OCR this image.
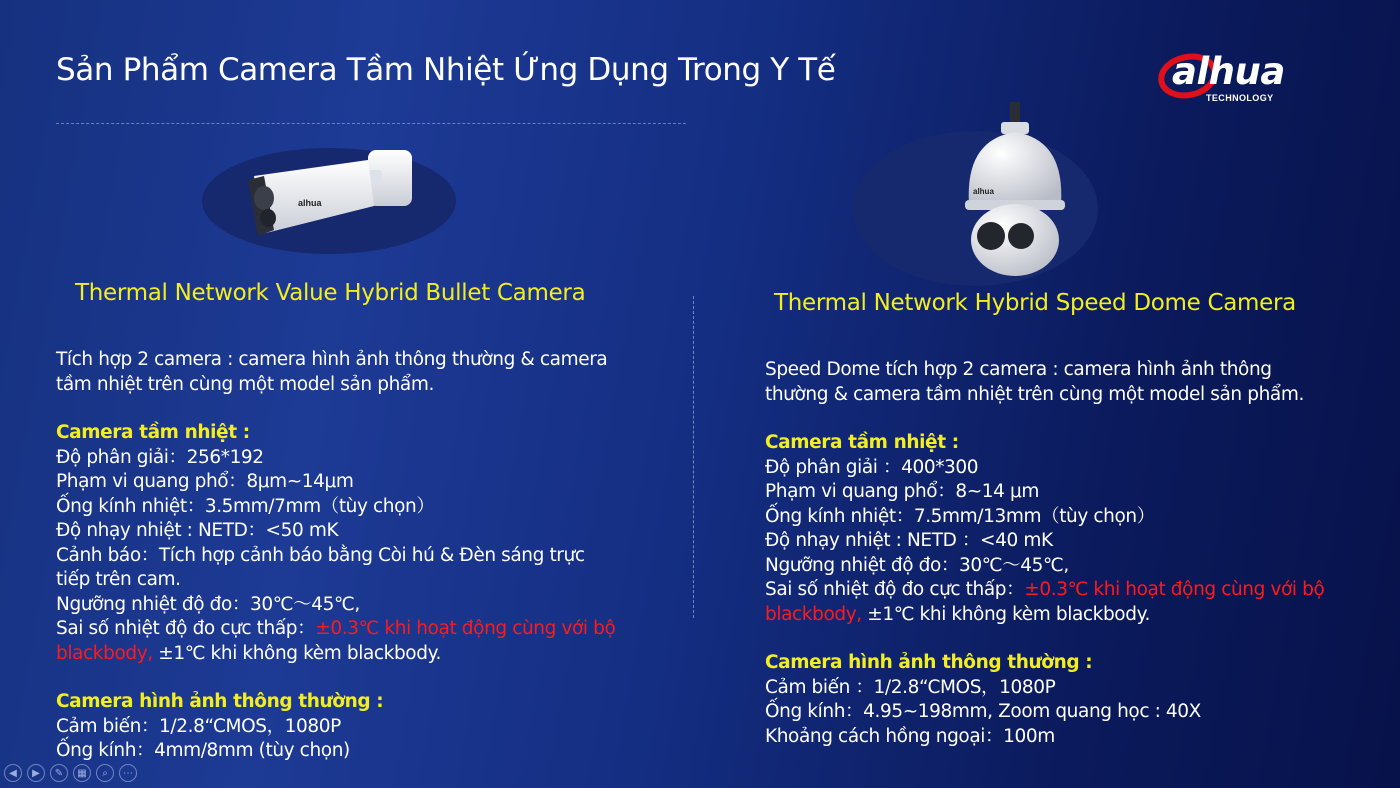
Sản Phẩm Camera Tầm Nhiệt Ứng Dụng Trong Y Tế	alhua
TECHNOLOGY
alhua
alhua
Thermal Network Value Hybrid Bullet Camera	Thermal Network Hybrid Speed Dome Camera
Tích hợp 2 camera : camera hình ảnh thông thường & camera
tầm nhiệt trên cùng một model sản phẩm.
Camera tầm nhiệt :
Độ phân giải：256*192
Phạm vi quang phổ：8μm~14μm
Ống kính nhiệt：3.5mm/7mm（tùy chọn）
Độ nhạy nhiệt : NETD：<50 mK
Cảnh báo：Tích hợp cảnh báo bằng Còi hú & Đèn sáng trực
tiếp trên cam.
Ngưỡng nhiệt độ đo：30℃～45℃,
Sai số nhiệt độ đo cực thấp：±0.3℃ khi hoạt động cùng với bộ
blackbody, ±1℃ khi không kèm blackbody.
Camera hình ảnh thông thường :
Cảm biến：1/2.8“CMOS，1080P
Ống kính：4mm/8mm (tùy chọn)
Speed Dome tích hợp 2 camera : camera hình ảnh thông
thường & camera tầm nhiệt trên cùng một model sản phẩm.
Camera tầm nhiệt :
Độ phân giải ：400*300
Phạm vi quang phổ：8~14 μm
Ống kính nhiệt：7.5mm/13mm（tùy chọn）
Độ nhạy nhiệt : NETD ：<40 mK
Ngưỡng nhiệt độ đo：30℃～45℃,
Sai số nhiệt độ đo cực thấp：±0.3℃ khi hoạt động cùng với bộ
blackbody, ±1℃ khi không kèm blackbody.
Camera hình ảnh thông thường :
Cảm biến ：1/2.8“CMOS，1080P
Ống kính：4.95~198mm, Zoom quang học : 40X
Khoảng cách hồng ngoại：100m
◀ ▶ ✎ ▦ ⌕ ⋯
